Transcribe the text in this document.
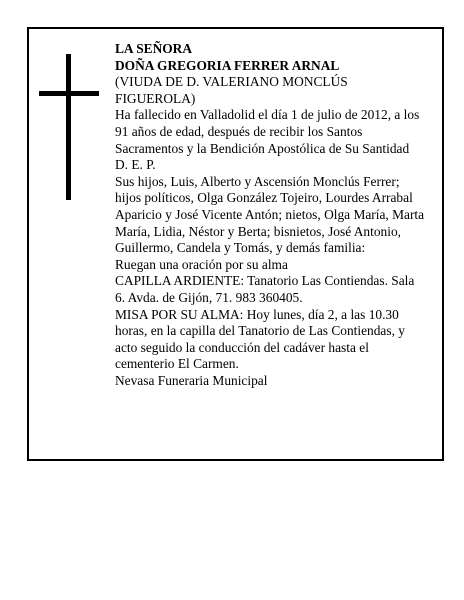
LA SEÑORA

DOÑA GREGORIA FERRER ARNAL

(VIUDA DE D. VALERIANO MONCLÚS FIGUEROLA)

Ha fallecido en Valladolid el día 1 de julio de 2012, a los 91 años de edad, después de recibir los Santos Sacramentos y la Bendición Apostólica de Su Santidad

D. E. P.

Sus hijos, Luis, Alberto y Ascensión Monclús Ferrer; hijos políticos, Olga González Tojeiro, Lourdes Arrabal Aparicio y José Vicente Antón; nietos, Olga María, Marta María, Lidia, Néstor y Berta; bisnietos, José Antonio, Guillermo, Candela y Tomás, y demás familia:

Ruegan una oración por su alma

CAPILLA ARDIENTE: Tanatorio Las Contiendas. Sala 6. Avda. de Gijón, 71. 983 360405.

MISA POR SU ALMA: Hoy lunes, día 2, a las 10.30 horas, en la capilla del Tanatorio de Las Contiendas, y acto seguido la conducción del cadáver hasta el cementerio El Carmen.

Nevasa Funeraria Municipal
